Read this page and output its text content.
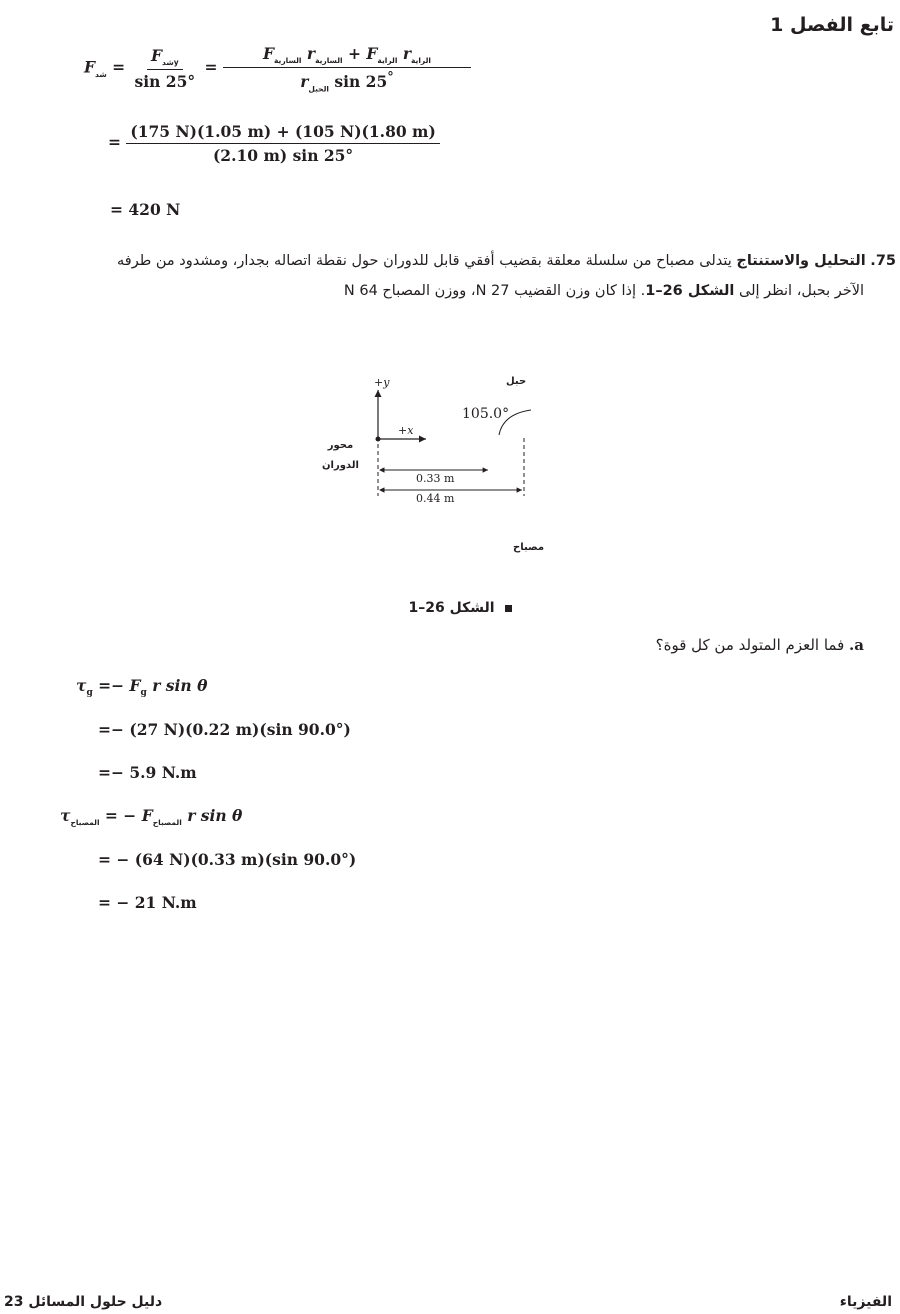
تابع الفصل 1
$F_{شد} = \frac{F_{شدy}}{\sin 25^\circ} = \frac{F_{السارية} r_{السارية} + F_{الراية} r_{الراية}}{r_{الحبل} \sin 25^\circ}$
= $\frac{(175 N)(1.05 m) + (105 N)(1.80 m)}{(2.10 m) \sin 25^\circ}$
= 420 N
75. التحليل والاستنتاج يتدلى مصباح من سلسلة معلقة بقضيب أفقي قابل للدوران حول نقطة اتصاله بجدار، ومشدود من طرفه
الآخر بحبل، انظر إلى الشكل 26–1. إذا كان وزن القضيب 27 N، ووزن المصباح 64 N
+y
+x
حبل
105.0°
محور
الدوران
0.33 m
0.44 m
مصباح
الشكل 26–1
a. فما العزم المتولد من كل قوة؟
$\tau_g =- F_g$ r sin θ
=− (27 N)(0.22 m)(sin 90.0°)
=− 5.9 N.m
$\tau_{المصباح}$ = − $F_{المصباح}$ r sin θ
= − (64 N)(0.33 m)(sin 90.0°)
= − 21 N.m
دليل حلول المسائل 23	الفيزياء
